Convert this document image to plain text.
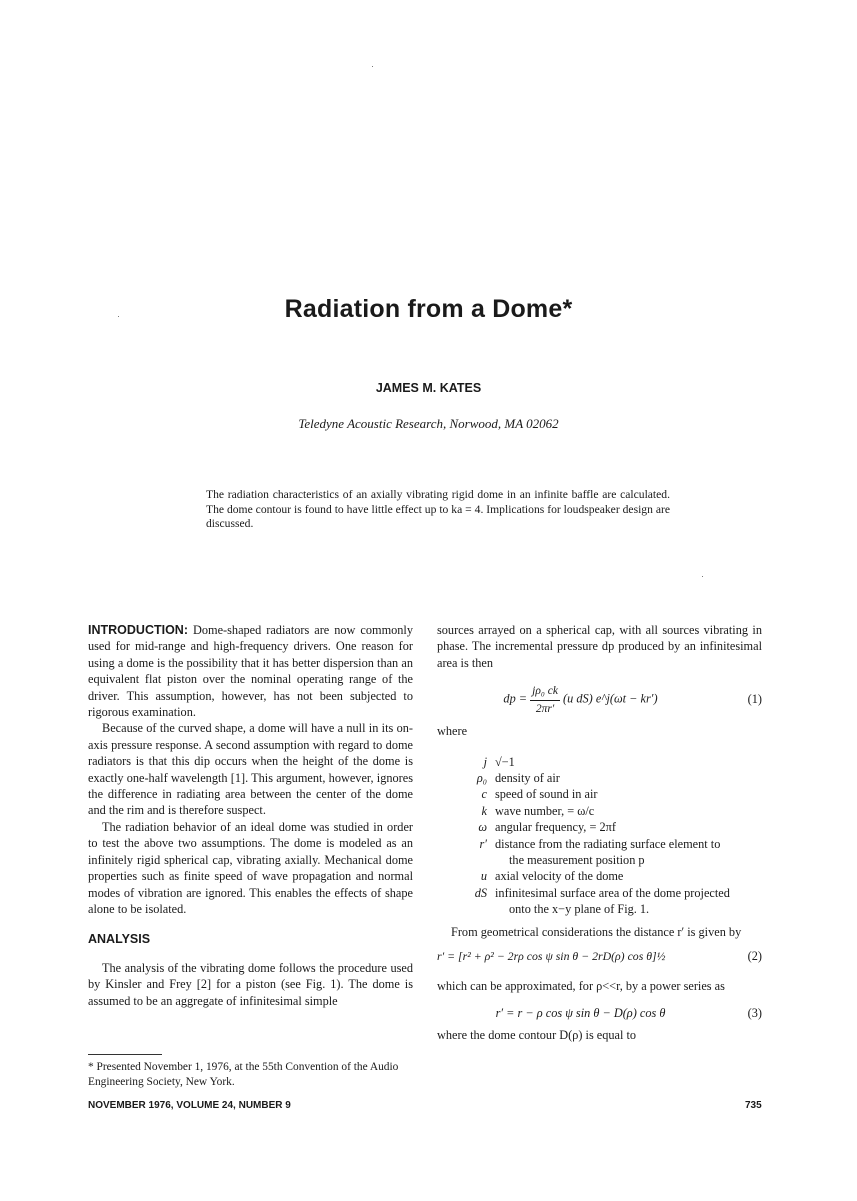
Radiation from a Dome*
JAMES M. KATES
Teledyne Acoustic Research, Norwood, MA 02062
The radiation characteristics of an axially vibrating rigid dome in an infinite baffle are calculated. The dome contour is found to have little effect up to ka = 4. Implications for loudspeaker design are discussed.

INTRODUCTION: Dome-shaped radiators are now commonly used for mid-range and high-frequency drivers. One reason for using a dome is the possibility that it has better dispersion than an equivalent flat piston over the nominal operating range of the driver. This assumption, however, has not been subjected to rigorous examination.

Because of the curved shape, a dome will have a null in its on-axis pressure response. A second assumption with regard to dome radiators is that this dip occurs when the height of the dome is exactly one-half wavelength [1]. This argument, however, ignores the difference in radiating area between the center of the dome and the rim and is therefore suspect.

The radiation behavior of an ideal dome was studied in order to test the above two assumptions. The dome is modeled as an infinitely rigid spherical cap, vibrating axially. Mechanical dome properties such as finite speed of wave propagation and normal modes of vibration are ignored. This enables the effects of shape alone to be isolated.

ANALYSIS

The analysis of the vibrating dome follows the procedure used by Kinsler and Frey [2] for a piston (see Fig. 1). The dome is assumed to be an aggregate of infinitesimal simple

sources arrayed on a spherical cap, with all sources vibrating in phase. The incremental pressure dp produced by an infinitesimal area is then

dp = $\frac{\text{jρ₀ ck}}{2\pi r'} (u$ dS) e^j(ωt − kr′)	(1)
where
j √−1
ρ₀ density of air
c speed of sound in air
k wave number, = ω/c
ω angular frequency, = 2πf
r′ distance from the radiating surface element to
the measurement position p
u axial velocity of the dome
dS infinitesimal surface area of the dome projected
onto the x−y plane of Fig. 1.

From geometrical considerations the distance r′ is given by

r′ = [r² + ρ² − 2rρ cos ψ sin θ − 2rD(ρ) cos θ]½	(2)

which can be approximated, for ρ<<r, by a power series as

r′ = r − ρ cos ψ sin θ − D(ρ) cos θ	(3)

where the dome contour D(ρ) is equal to

* Presented November 1, 1976, at the 55th Convention of the Audio Engineering Society, New York.
NOVEMBER 1976, VOLUME 24, NUMBER 9	735
